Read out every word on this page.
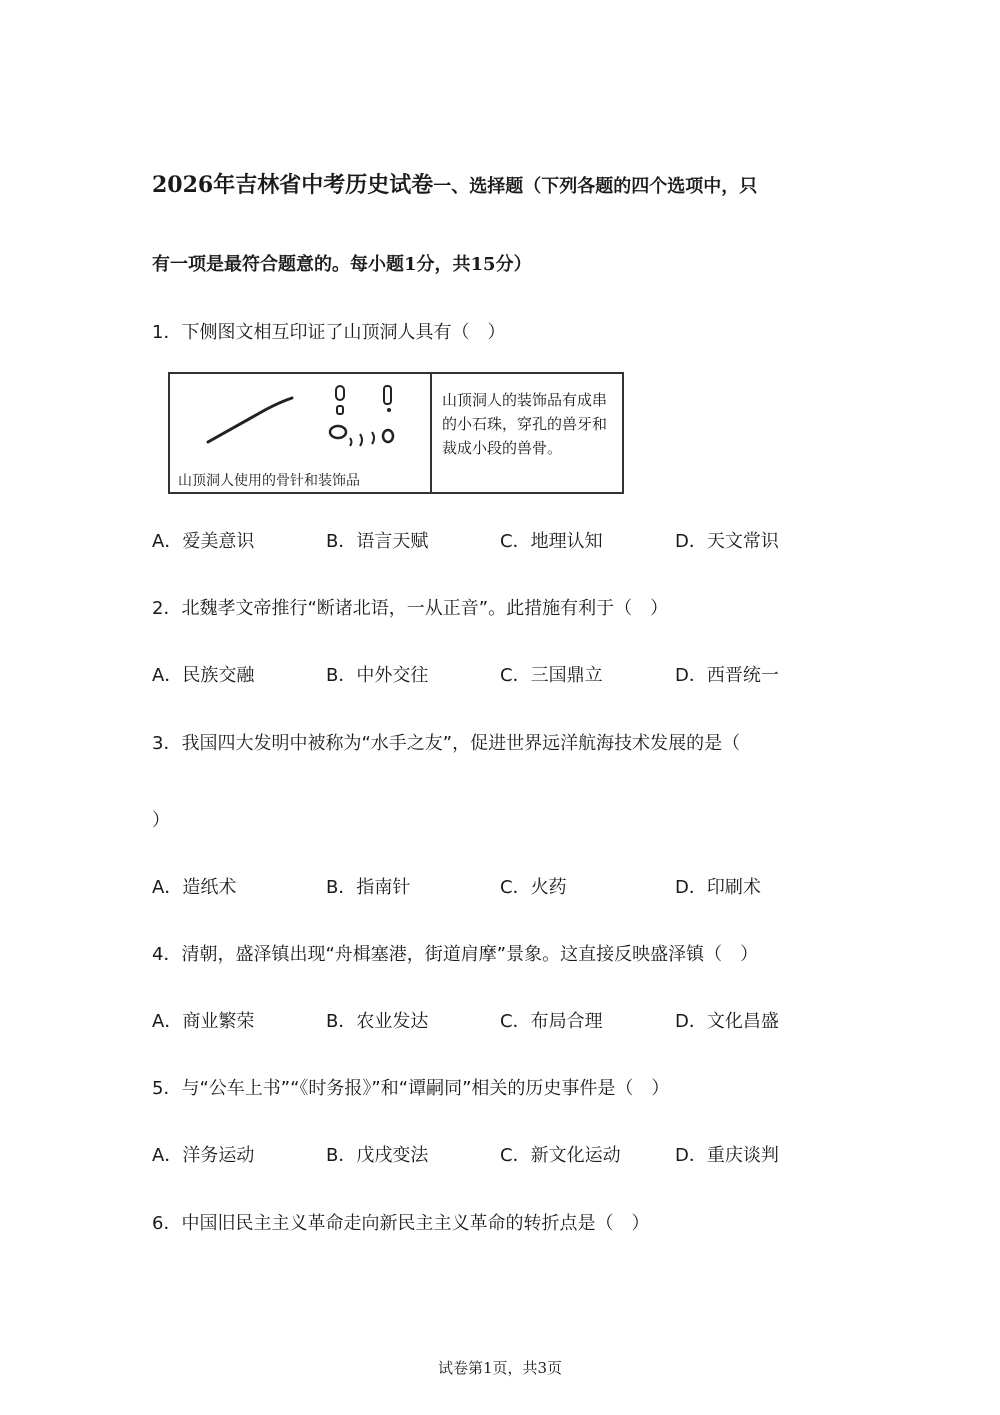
2026年吉林省中考历史试卷一、选择题（下列各题的四个选项中，只
有一项是最符合题意的。每小题1分，共15分）
1．下侧图文相互印证了山顶洞人具有（　）
山顶洞人使用的骨针和装饰品
山顶洞人的装饰品有成串的小石珠，穿孔的兽牙和裁成小段的兽骨。
A．爱美意识	B．语言天赋	C．地理认知	D．天文常识
2．北魏孝文帝推行“断诸北语，一从正音”。此措施有利于（　）
A．民族交融	B．中外交往	C．三国鼎立	D．西晋统一
3．我国四大发明中被称为“水手之友”，促进世界远洋航海技术发展的是（
）
A．造纸术	B．指南针	C．火药	D．印刷术
4．清朝，盛泽镇出现“舟楫塞港，街道肩摩”景象。这直接反映盛泽镇（　）
A．商业繁荣	B．农业发达	C．布局合理	D．文化昌盛
5．与“公车上书”“《时务报》”和“谭嗣同”相关的历史事件是（　）
A．洋务运动	B．戊戌变法	C．新文化运动	D．重庆谈判
6．中国旧民主主义革命走向新民主主义革命的转折点是（　）
试卷第1页，共3页
